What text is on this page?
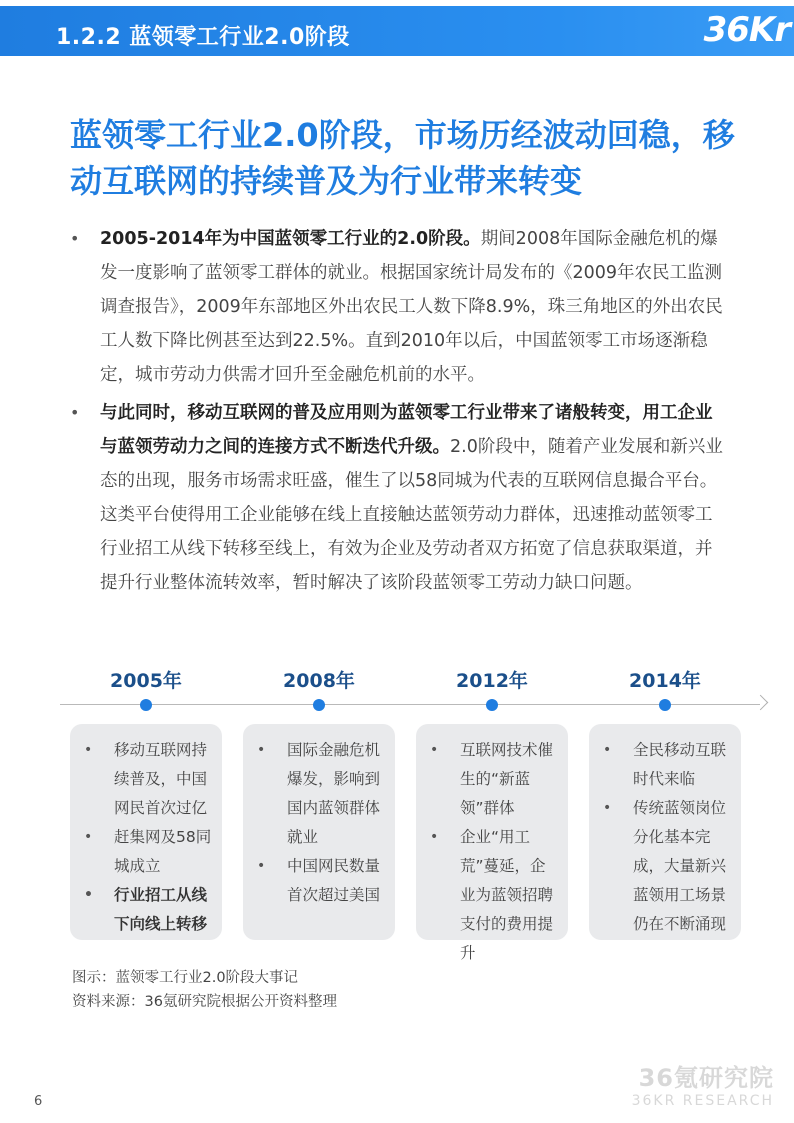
1.2.2 蓝领零工行业2.0阶段	36Kr
蓝领零工行业2.0阶段，市场历经波动回稳，移动互联网的持续普及为行业带来转变
• 2005-2014年为中国蓝领零工行业的2.0阶段。期间2008年国际金融危机的爆发一度影响了蓝领零工群体的就业。根据国家统计局发布的《2009年农民工监测调查报告》，2009年东部地区外出农民工人数下降8.9%，珠三角地区的外出农民工人数下降比例甚至达到22.5%。直到2010年以后，中国蓝领零工市场逐渐稳定，城市劳动力供需才回升至金融危机前的水平。
• 与此同时，移动互联网的普及应用则为蓝领零工行业带来了诸般转变，用工企业与蓝领劳动力之间的连接方式不断迭代升级。2.0阶段中，随着产业发展和新兴业态的出现，服务市场需求旺盛，催生了以58同城为代表的互联网信息撮合平台。这类平台使得用工企业能够在线上直接触达蓝领劳动力群体，迅速推动蓝领零工行业招工从线下转移至线上，有效为企业及劳动者双方拓宽了信息获取渠道，并提升行业整体流转效率，暂时解决了该阶段蓝领零工劳动力缺口问题。
2005年
• 移动互联网持续普及，中国网民首次过亿
• 赶集网及58同城成立
• 行业招工从线下向线上转移
2008年
• 国际金融危机爆发，影响到国内蓝领群体就业
• 中国网民数量首次超过美国
2012年
• 互联网技术催生的“新蓝领”群体
• 企业“用工荒”蔓延，企业为蓝领招聘支付的费用提升
2014年
• 全民移动互联时代来临
• 传统蓝领岗位分化基本完成，大量新兴蓝领用工场景仍在不断涌现
图示：蓝领零工行业2.0阶段大事记
资料来源：36氪研究院根据公开资料整理
36氪研究院
36KR RESEARCH
6
